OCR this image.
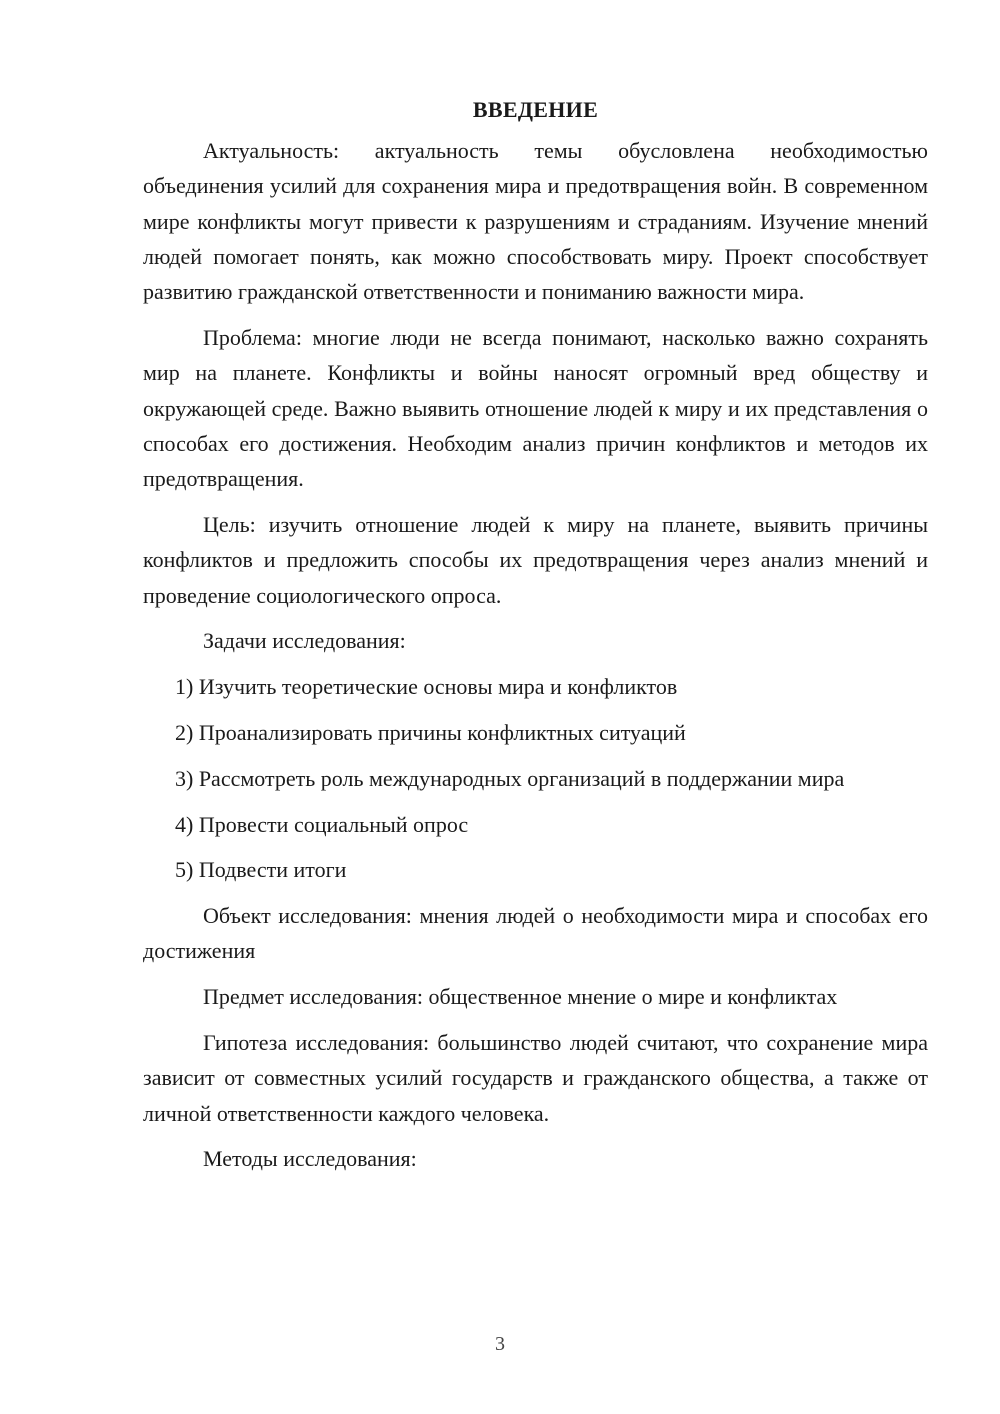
ВВЕДЕНИЕ

Актуальность: актуальность темы обусловлена необходимостью объединения усилий для сохранения мира и предотвращения войн. В современном мире конфликты могут привести к разрушениям и страданиям. Изучение мнений людей помогает понять, как можно способствовать миру. Проект способствует развитию гражданской ответственности и пониманию важности мира.

Проблема: многие люди не всегда понимают, насколько важно сохранять мир на планете. Конфликты и войны наносят огромный вред обществу и окружающей среде. Важно выявить отношение людей к миру и их представления о способах его достижения. Необходим анализ причин конфликтов и методов их предотвращения.

Цель: изучить отношение людей к миру на планете, выявить причины конфликтов и предложить способы их предотвращения через анализ мнений и проведение социологического опроса.

Задачи исследования:

1) Изучить теоретические основы мира и конфликтов

2) Проанализировать причины конфликтных ситуаций

3) Рассмотреть роль международных организаций в поддержании мира

4) Провести социальный опрос

5) Подвести итоги

Объект исследования: мнения людей о необходимости мира и способах его достижения

Предмет исследования: общественное мнение о мире и конфликтах

Гипотеза исследования: большинство людей считают, что сохранение мира зависит от совместных усилий государств и гражданского общества, а также от личной ответственности каждого человека.

Методы исследования:

3
